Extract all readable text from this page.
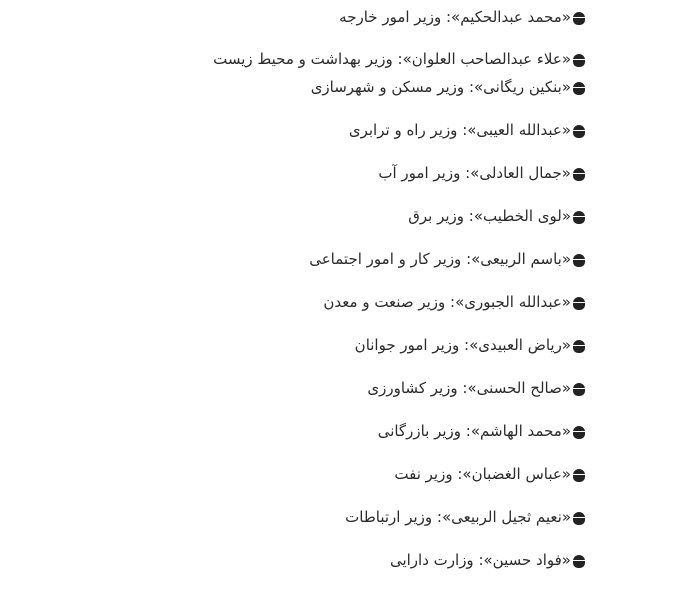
«محمد عبدالحکیم»: وزیر امور خارجه
«علاء عبدالصاحب العلوان»: وزیر بهداشت و محیط زیست
«بنکین ریگانی»: وزیر مسکن و شهرسازی
«عبدالله العیبی»: وزیر راه و ترابری
«جمال العادلی»: وزیر امور آب
«لوی الخطیب»: وزیر برق
«باسم الربیعی»: وزیر کار و امور اجتماعی
«عبدالله الجبوری»: وزیر صنعت و معدن
«ریاض العبیدی»: وزیر امور جوانان
«صالح الحسنی»: وزیر کشاورزی
«محمد الهاشم»: وزیر بازرگانی
«عباس الغضبان»: وزیر نفت
«نعیم ثجیل الربیعی»: وزیر ارتباطات
«فواد حسین»: وزارت دارایی
